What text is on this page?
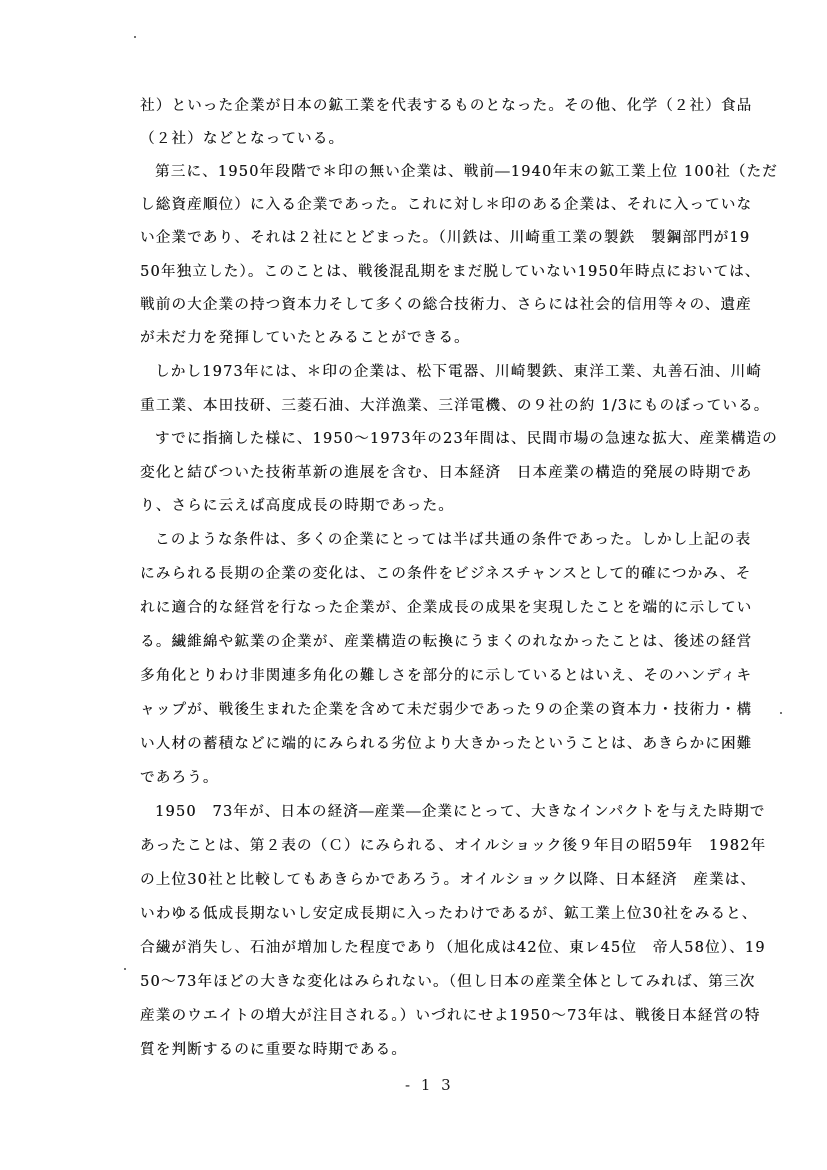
社）といった企業が日本の鉱工業を代表するものとなった。その他、化学（２社）食品
（２社）などとなっている。
第三に、1950年段階で＊印の無い企業は、戦前―1940年末の鉱工業上位 100社（ただ
し総資産順位）に入る企業であった。これに対し＊印のある企業は、それに入っていな
い企業であり、それは２社にとどまった。（川鉄は、川崎重工業の製鉄　製鋼部門が19
50年独立した）。このことは、戦後混乱期をまだ脱していない1950年時点においては、
戦前の大企業の持つ資本力そして多くの総合技術力、さらには社会的信用等々の、遺産
が未だ力を発揮していたとみることができる。
しかし1973年には、＊印の企業は、松下電器、川崎製鉄、東洋工業、丸善石油、川崎
重工業、本田技研、三菱石油、大洋漁業、三洋電機、の９社の約 1/3にものぼっている。
すでに指摘した様に、1950～1973年の23年間は、民間市場の急速な拡大、産業構造の
変化と結びついた技術革新の進展を含む、日本経済　日本産業の構造的発展の時期であ
り、さらに云えば高度成長の時期であった。
このような条件は、多くの企業にとっては半ば共通の条件であった。しかし上記の表
にみられる長期の企業の変化は、この条件をビジネスチャンスとして的確につかみ、そ
れに適合的な経営を行なった企業が、企業成長の成果を実現したことを端的に示してい
る。繊維綿や鉱業の企業が、産業構造の転換にうまくのれなかったことは、後述の経営
多角化とりわけ非関連多角化の難しさを部分的に示しているとはいえ、そのハンディキ
ャップが、戦後生まれた企業を含めて未だ弱少であった９の企業の資本力・技術力・構
い人材の蓄積などに端的にみられる劣位より大きかったということは、あきらかに困難
であろう。
1950　73年が、日本の経済―産業―企業にとって、大きなインパクトを与えた時期で
あったことは、第２表の（Ｃ）にみられる、オイルショック後９年目の昭59年　1982年
の上位30社と比較してもあきらかであろう。オイルショック以降、日本経済　産業は、
いわゆる低成長期ないし安定成長期に入ったわけであるが、鉱工業上位30社をみると、
合繊が消失し、石油が増加した程度であり（旭化成は42位、東レ45位　帝人58位）、19
50～73年ほどの大きな変化はみられない。（但し日本の産業全体としてみれば、第三次
産業のウエイトの増大が注目される。）いづれにせよ1950～73年は、戦後日本経営の特
質を判断するのに重要な時期である。
- 1 3
